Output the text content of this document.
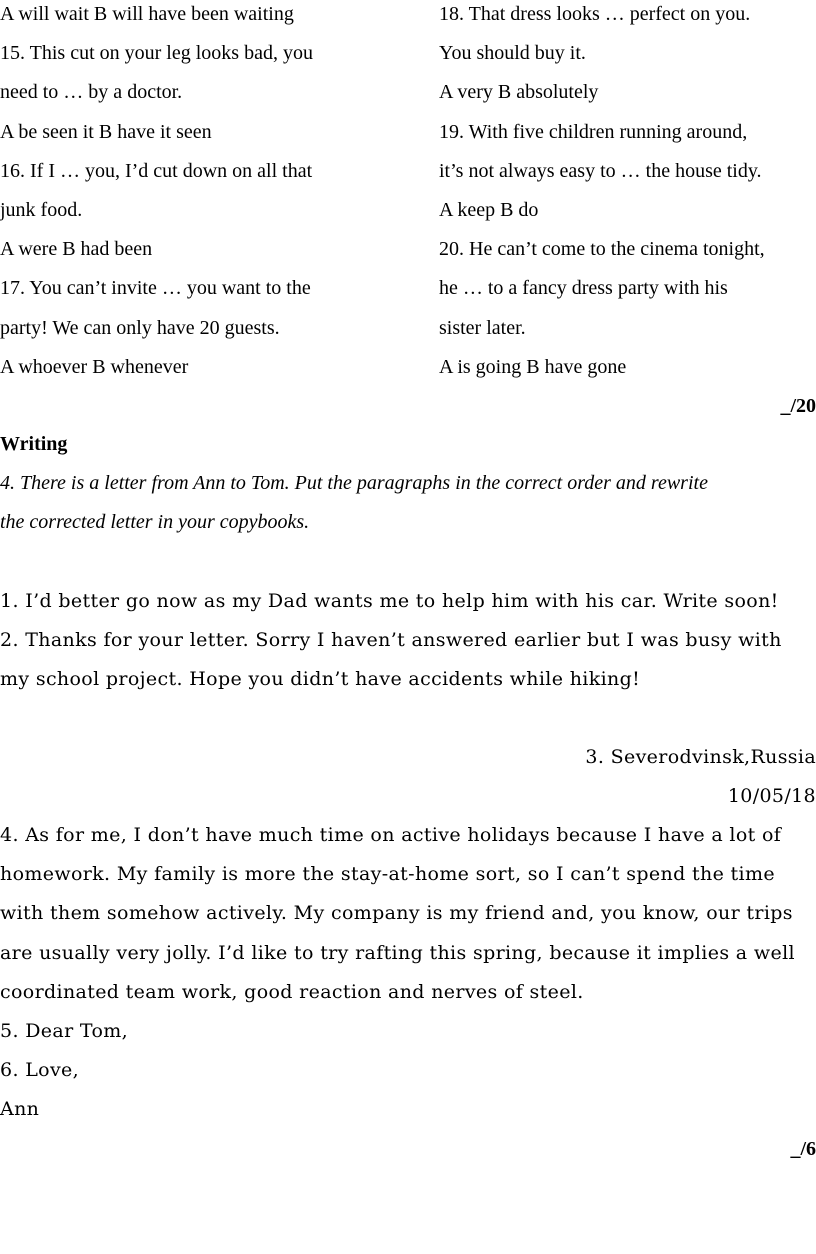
A will wait B will have been waiting
15. This cut on your leg looks bad, you
need to … by a doctor.
A be seen it B have it seen
16. If I … you, I’d cut down on all that
junk food.
A were B had been
17. You can’t invite … you want to the
party! We can only have 20 guests.
A whoever B whenever
18. That dress looks … perfect on you.
You should buy it.
A very B absolutely
19. With five children running around,
it’s not always easy to … the house tidy.
A keep B do
20. He can’t come to the cinema tonight,
he … to a fancy dress party with his
sister later.
A is going B have gone
_/20
Writing
4. There is a letter from Ann to Tom. Put the paragraphs in the correct order and rewrite
the corrected letter in your copybooks.
1. I’d better go now as my Dad wants me to help him with his car. Write soon!
2. Thanks for your letter. Sorry I haven’t answered earlier but I was busy with
my school project. Hope you didn’t have accidents while hiking!
3. Severodvinsk,Russia
10/05/18
4. As for me, I don’t have much time on active holidays because I have a lot of
homework. My family is more the stay-at-home sort, so I can’t spend the time
with them somehow actively. My company is my friend and, you know, our trips
are usually very jolly. I’d like to try rafting this spring, because it implies a well
coordinated team work, good reaction and nerves of steel.
5. Dear Tom,
6. Love,
Ann
_/6
